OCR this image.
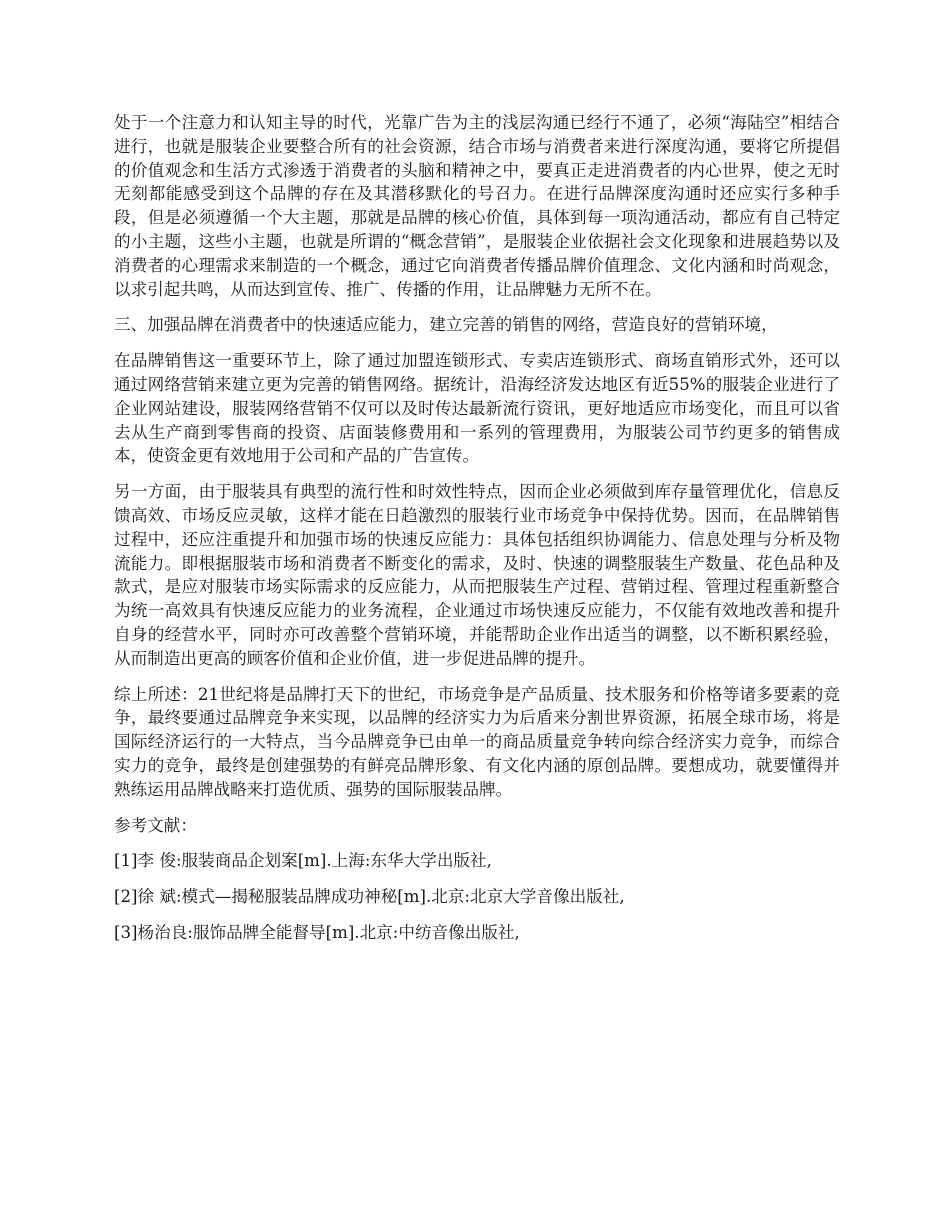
处于一个注意力和认知主导的时代，光靠广告为主的浅层沟通已经行不通了，必须“海陆空”相结合进行，也就是服装企业要整合所有的社会资源，结合市场与消费者来进行深度沟通，要将它所提倡的价值观念和生活方式渗透于消费者的头脑和精神之中，要真正走进消费者的内心世界，使之无时无刻都能感受到这个品牌的存在及其潜移默化的号召力。在进行品牌深度沟通时还应实行多种手段，但是必须遵循一个大主题，那就是品牌的核心价值，具体到每一项沟通活动，都应有自己特定的小主题，这些小主题，也就是所谓的“概念营销”，是服装企业依据社会文化现象和进展趋势以及消费者的心理需求来制造的一个概念，通过它向消费者传播品牌价值理念、文化内涵和时尚观念，以求引起共鸣，从而达到宣传、推广、传播的作用，让品牌魅力无所不在。

三、加强品牌在消费者中的快速适应能力，建立完善的销售的网络，营造良好的营销环境，

在品牌销售这一重要环节上，除了通过加盟连锁形式、专卖店连锁形式、商场直销形式外，还可以通过网络营销来建立更为完善的销售网络。据统计，沿海经济发达地区有近55%的服装企业进行了企业网站建设，服装网络营销不仅可以及时传达最新流行资讯，更好地适应市场变化，而且可以省去从生产商到零售商的投资、店面装修费用和一系列的管理费用，为服装公司节约更多的销售成本，使资金更有效地用于公司和产品的广告宣传。

另一方面，由于服装具有典型的流行性和时效性特点，因而企业必须做到库存量管理优化，信息反馈高效、市场反应灵敏，这样才能在日趋激烈的服装行业市场竞争中保持优势。因而，在品牌销售过程中，还应注重提升和加强市场的快速反应能力：具体包括组织协调能力、信息处理与分析及物流能力。即根据服装市场和消费者不断变化的需求，及时、快速的调整服装生产数量、花色品种及款式，是应对服装市场实际需求的反应能力，从而把服装生产过程、营销过程、管理过程重新整合为统一高效具有快速反应能力的业务流程，企业通过市场快速反应能力，不仅能有效地改善和提升自身的经营水平，同时亦可改善整个营销环境，并能帮助企业作出适当的调整，以不断积累经验，从而制造出更高的顾客价值和企业价值，进一步促进品牌的提升。

综上所述：21世纪将是品牌打天下的世纪，市场竞争是产品质量、技术服务和价格等诸多要素的竞争，最终要通过品牌竞争来实现，以品牌的经济实力为后盾来分割世界资源，拓展全球市场，将是国际经济运行的一大特点，当今品牌竞争已由单一的商品质量竞争转向综合经济实力竞争，而综合实力的竞争，最终是创建强势的有鲜亮品牌形象、有文化内涵的原创品牌。要想成功，就要懂得并熟练运用品牌战略来打造优质、强势的国际服装品牌。

参考文献：

[1]李 俊:服装商品企划案[m].上海:东华大学出版社,

[2]徐 斌:模式—揭秘服装品牌成功神秘[m].北京:北京大学音像出版社,

[3]杨治良:服饰品牌全能督导[m].北京:中纺音像出版社,
